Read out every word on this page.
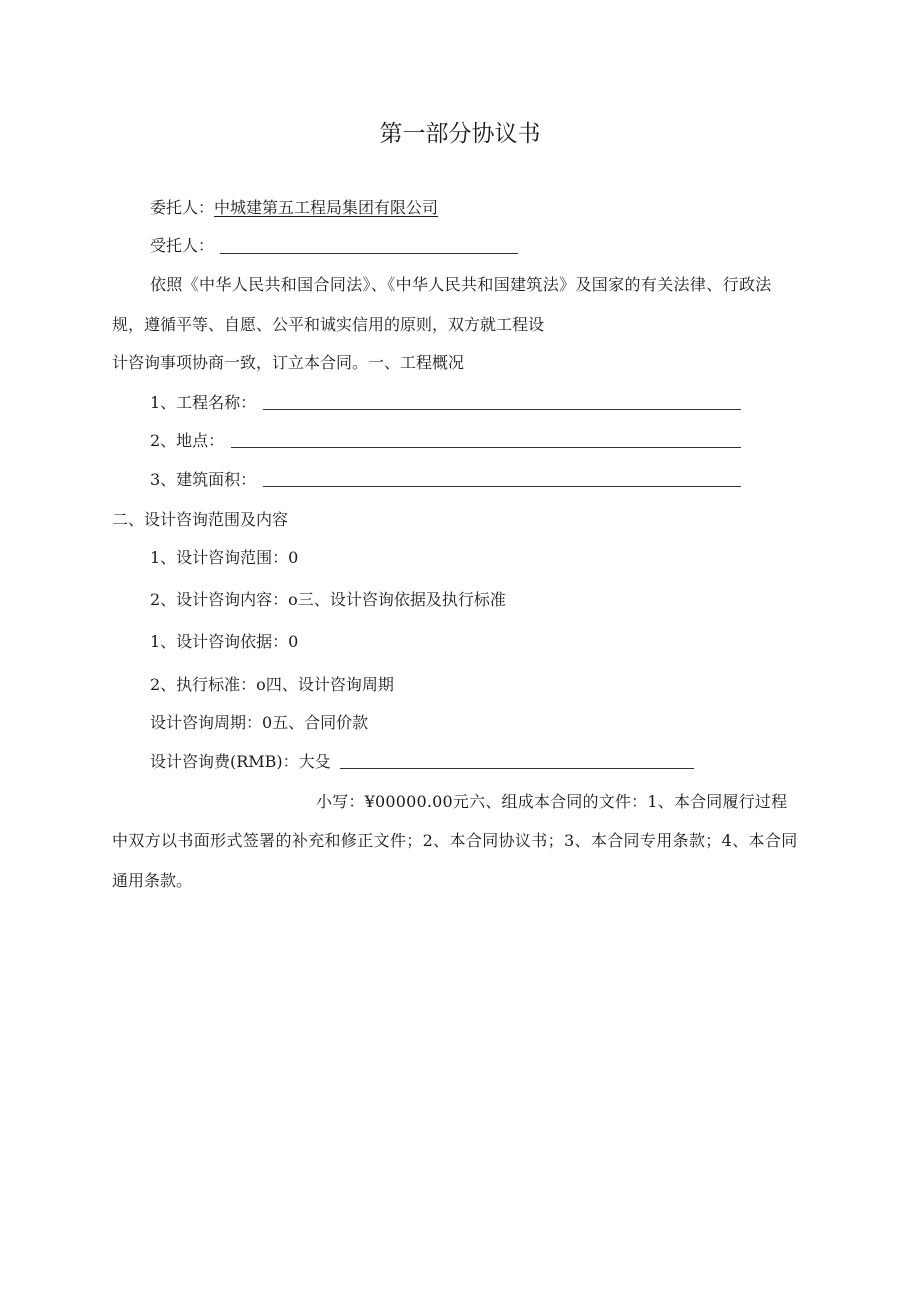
第一部分协议书
委托人：中城建第五工程局集团有限公司
受托人：
依照《中华人民共和国合同法》、《中华人民共和国建筑法》及国家的有关法律、行政法
规，遵循平等、自愿、公平和诚实信用的原则，双方就工程设
计咨询事项协商一致，订立本合同。一、工程概况
1、工程名称：
2、地点：
3、建筑面积：
二、设计咨询范围及内容
1、设计咨询范围：0
2、设计咨询内容：o三、设计咨询依据及执行标准
1、设计咨询依据：0
2、执行标准：o四、设计咨询周期
设计咨询周期：0五、合同价款
设计咨询费(RMB)：大殳
小写：¥00000.00元六、组成本合同的文件：1、本合同履行过程
中双方以书面形式签署的补充和修正文件；2、本合同协议书；3、本合同专用条款；4、本合同
通用条款。
